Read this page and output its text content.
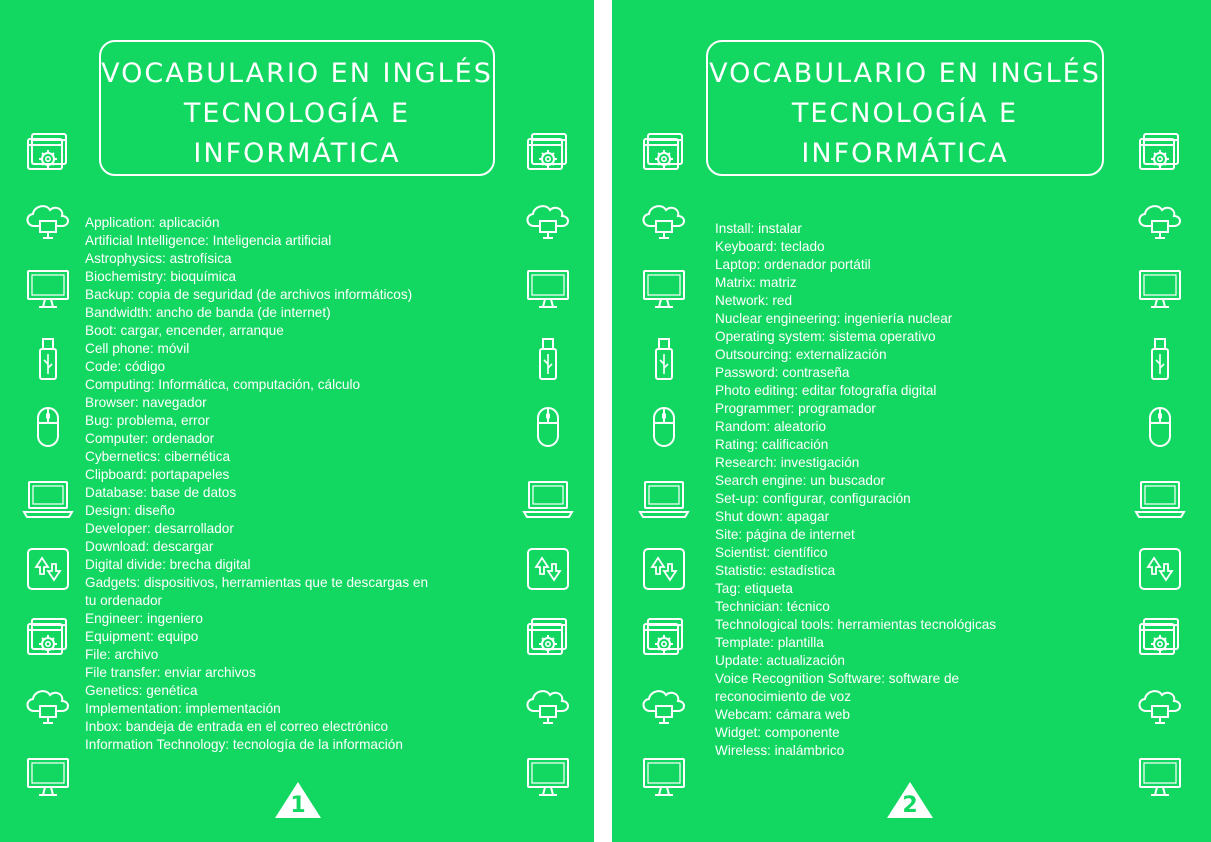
VOCABULARIO EN INGLÉS
TECNOLOGÍA E
INFORMÁTICA
Application: aplicación
Artificial Intelligence: Inteligencia artificial
Astrophysics: astrofísica
Biochemistry: bioquímica
Backup: copia de seguridad (de archivos informáticos)
Bandwidth: ancho de banda (de internet)
Boot: cargar, encender, arranque
Cell phone: móvil
Code: código
Computing: Informática, computación, cálculo
Browser: navegador
Bug: problema, error
Computer: ordenador
Cybernetics: cibernética
Clipboard: portapapeles
Database: base de datos
Design: diseño
Developer: desarrollador
Download: descargar
Digital divide: brecha digital
Gadgets: dispositivos, herramientas que te descargas en tu ordenador
Engineer: ingeniero
Equipment: equipo
File: archivo
File transfer: enviar archivos
Genetics: genética
Implementation: implementación
Inbox: bandeja de entrada en el correo electrónico
Information Technology: tecnología de la información
1
VOCABULARIO EN INGLÉS
TECNOLOGÍA E
INFORMÁTICA
Install: instalar
Keyboard: teclado
Laptop: ordenador portátil
Matrix: matriz
Network: red
Nuclear engineering: ingeniería nuclear
Operating system: sistema operativo
Outsourcing: externalización
Password: contraseña
Photo editing: editar fotografía digital
Programmer: programador
Random: aleatorio
Rating: calificación
Research: investigación
Search engine: un buscador
Set-up: configurar, configuración
Shut down: apagar
Site: página de internet
Scientist: científico
Statistic: estadística
Tag: etiqueta
Technician: técnico
Technological tools: herramientas tecnológicas
Template: plantilla
Update: actualización
Voice Recognition Software: software de reconocimiento de voz
Webcam: cámara web
Widget: componente
Wireless: inalámbrico
2
